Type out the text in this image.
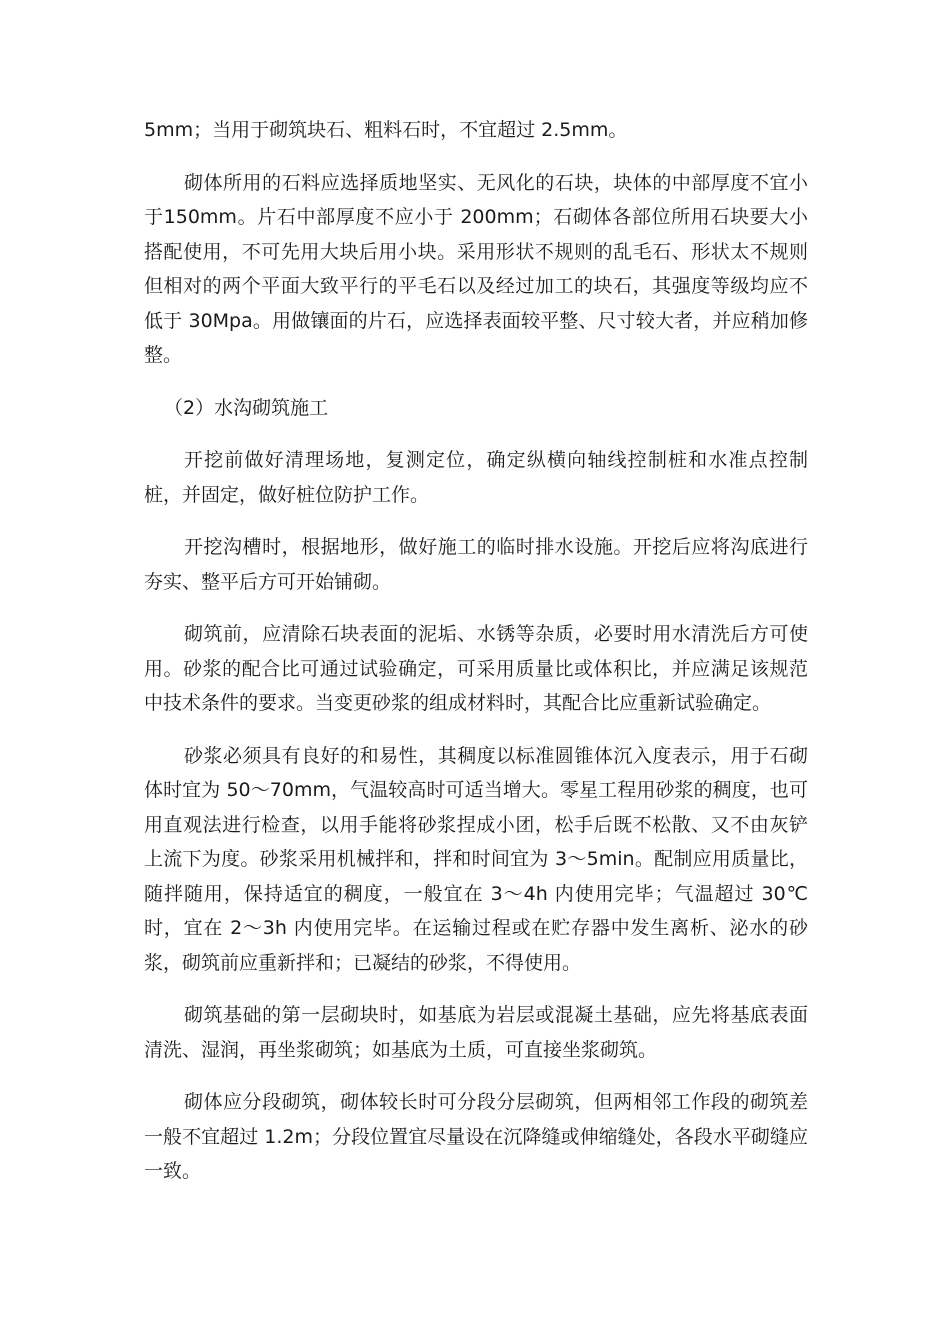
5mm；当用于砌筑块石、粗料石时，不宜超过 2.5mm。

砌体所用的石料应选择质地坚实、无风化的石块，块体的中部厚度不宜小于150mm。片石中部厚度不应小于 200mm；石砌体各部位所用石块要大小搭配使用，不可先用大块后用小块。采用形状不规则的乱毛石、形状太不规则但相对的两个平面大致平行的平毛石以及经过加工的块石，其强度等级均应不低于 30Mpa。用做镶面的片石，应选择表面较平整、尺寸较大者，并应稍加修整。

（2）水沟砌筑施工

开挖前做好清理场地，复测定位，确定纵横向轴线控制桩和水准点控制桩，并固定，做好桩位防护工作。

开挖沟槽时，根据地形，做好施工的临时排水设施。开挖后应将沟底进行夯实、整平后方可开始铺砌。

砌筑前，应清除石块表面的泥垢、水锈等杂质，必要时用水清洗后方可使用。砂浆的配合比可通过试验确定，可采用质量比或体积比，并应满足该规范中技术条件的要求。当变更砂浆的组成材料时，其配合比应重新试验确定。

砂浆必须具有良好的和易性，其稠度以标准圆锥体沉入度表示，用于石砌体时宜为 50～70mm，气温较高时可适当增大。零星工程用砂浆的稠度，也可用直观法进行检查，以用手能将砂浆捏成小团，松手后既不松散、又不由灰铲上流下为度。砂浆采用机械拌和，拌和时间宜为 3～5min。配制应用质量比，随拌随用，保持适宜的稠度，一般宜在 3～4h 内使用完毕；气温超过 30℃时，宜在 2～3h 内使用完毕。在运输过程或在贮存器中发生离析、泌水的砂浆，砌筑前应重新拌和；已凝结的砂浆，不得使用。

砌筑基础的第一层砌块时，如基底为岩层或混凝土基础，应先将基底表面清洗、湿润，再坐浆砌筑；如基底为土质，可直接坐浆砌筑。

砌体应分段砌筑，砌体较长时可分段分层砌筑，但两相邻工作段的砌筑差一般不宜超过 1.2m；分段位置宜尽量设在沉降缝或伸缩缝处，各段水平砌缝应一致。
